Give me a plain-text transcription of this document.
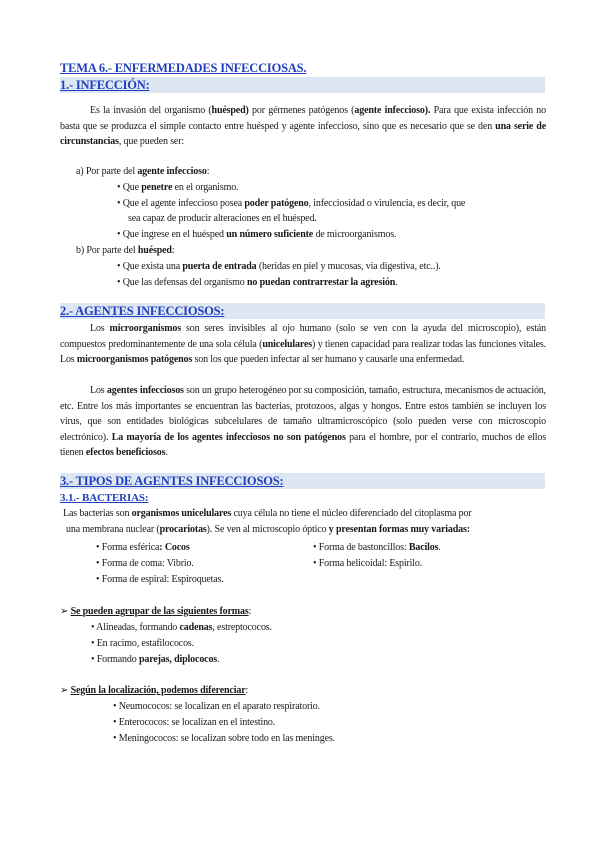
TEMA 6.- ENFERMEDADES INFECCIOSAS.
1.- INFECCIÓN:
Es la invasión del organismo (huésped) por gérmenes patógenos (agente infeccioso). Para que exista infección no basta que se produzca el simple contacto entre huésped y agente infeccioso, sino que es necesario que se den una serie de circunstancias, que pueden ser:
a) Por parte del agente infeccioso:
• Que penetre en el organismo.
• Que el agente infeccioso posea poder patógeno, infecciosidad o virulencia, es decir, que
sea capaz de producir alteraciones en el huésped.
• Que ingrese en el huésped un número suficiente de microorganismos.
b) Por parte del huésped:
• Que exista una puerta de entrada (heridas en piel y mucosas, vía digestiva, etc..).
• Que las defensas del organismo no puedan contrarrestar la agresión.
2.- AGENTES INFECCIOSOS:
Los microorganismos son seres invisibles al ojo humano (solo se ven con la ayuda del microscopio), están compuestos predominantemente de una sola célula (unicelulares) y tienen capacidad para realizar todas las funciones vitales. Los microorganismos patógenos son los que pueden infectar al ser humano y causarle una enfermedad.
Los agentes infecciosos son un grupo heterogéneo por su composición, tamaño, estructura, mecanismos de actuación, etc. Entre los más importantes se encuentran las bacterias, protozoos, algas y hongos. Entre estos también se incluyen los virus, que son entidades biológicas subcelulares de tamaño ultramicroscópico (solo pueden verse con microscopio electrónico). La mayoría de los agentes infecciosos no son patógenos para el hombre, por el contrario, muchos de ellos tienen efectos beneficiosos.
3.- TIPOS DE AGENTES INFECCIOSOS:
3.1.- BACTERIAS:
Las bacterias son organismos unicelulares cuya célula no tiene el núcleo diferenciado del citoplasma por
una membrana nuclear (procariotas). Se ven al microscopio óptico y presentan formas muy variadas:
• Forma esférica: Cocos
• Forma de coma: Vibrio.
• Forma de espiral: Espiroquetas.
• Forma de bastoncillos: Bacilos.
• Forma helicoidal: Espirilo.
➢ Se pueden agrupar de las siguientes formas:
• Alineadas, formando cadenas, estreptococos.
• En racimo, estafilococos.
• Formando parejas, diplococos.
➢ Según la localización, podemos diferenciar:
• Neumococos: se localizan en el aparato respiratorio.
• Enterococos: se localizan en el intestino.
• Meningococos: se localizan sobre todo en las meninges.
